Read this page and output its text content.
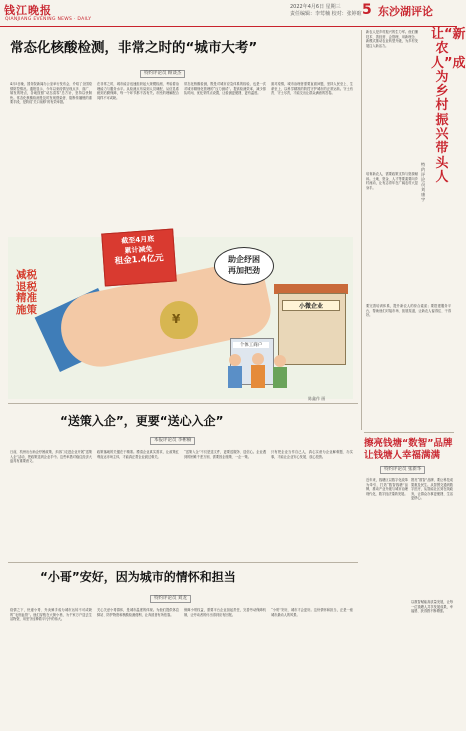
钱江晚报
QIANJIANG EVENING NEWS · DAILY
2022年4月6日 星期三
责任编辑：李莺楠 校对：张婷暄 5 东沙湖评论
常态化核酸检测，非常之时的“城市大考”
特约评论员 顾谈杰
4月5日晚，国务院新闻办公室举行发布会，介绍了全国疫情防控情况。通报显示，今年以来疫情呈现点多、面广、频发的特点，各地按照“动态清零”总方针，坚持以快制快。常态化核酸检测是及时发现感染者、阻断传播链的重要手段，是防疫‘关口前移’的有效举措。
在非常之时，城市能否迅速组织起大规模检测，考验着治理能力与服务水平。从检测点布局到人员调配，从信息系统到后勤保障，每一个环节都不容有失。市民的理解配合同样不可或缺。
常态化核酸检测，既是对城市应急体系的检验，也是一次对城市精细化管理的“压力测试”。提高检测效率，减少排队时间，优化采样点设置，让检测更便捷、更有温度。
面对疫情，城市治理者需要直面问题，坚持人民至上、生命至上，以科学精准的防控守护城市的正常运转。守土有责、守土尽责，才能交出让群众满意的答卷。
减税退税精准施策
截至4月底
累计减免
租金1.4亿元	助企纾困
再加把劲
¥
小微企业
个体工商户
陈鑫作 画
“送策入企”，更要“送心入企”
本报评论员 李彬楠
日前，杭州出台助企纾困政策，多部门走进企业开展“送策入企”活动，把政策送到企业手中。这些举措对稳住经济大盘具有重要意义。
政策落地的关键在于精准。摸清企业真实需求，让政策红利直达市场主体，才能真正帮企业渡过难关。
“送策入企”不仅是送文件，更要送服务、送信心。企业遇到的困难千差万别，需要因企施策、一企一策。
只有把企业当作自己人，真心实意为企业解难题、办实事，才能让企业安心发展、放心投资。
“小哥”安好，因为城市的情怀和担当
特约评论员 刘龙
疫情之下，快递小哥、外卖骑手成为城市运转不可或缺的“毛细血管”。他们穿梭在大街小巷，为千家万户送去生活物资，用坚守诠释着平凡中的伟大。
关心关爱小哥群体，是城市温度的体现。为他们提供休息驿站、防护物资和核酸检测便利，让奔波者有所依靠。
保障小哥权益，需要平台企业担起责任，完善劳动保障机制，让劳动者的付出得到应有回报。
“小哥”安好，城市才会更好。这份情怀和担当，正是一座城市最动人的风景。
让“新农人”成为乡村振兴带头人
特约评论员 刘康宇
新农人是乡村振兴的生力军。他们懂技术、善经营、会管理，用新理念、新模式推动农业转型升级，为乡村发展注入新活力。
培育新农人，需要政策支持与资源倾斜。土地、资金、人才等要素要向乡村流动，让有志青年在广阔农村大显身手。
要完善培训体系，提升新农人的综合素质；要搭建服务平台，帮助他们对接市场、拓展渠道，让新农人留得住、干得好。
擦亮钱塘“数智”品牌 让钱塘人幸福满满
特约评论员 张新华
近年来，钱塘区以数字化改革为牵引，打造“数智钱塘”品牌，推动产业升级与城市治理现代化，数字经济蓬勃发展。
擦亮“数智”品牌，要让科技成果惠及民生。从智慧交通到数字医疗，从智能社区到在线政务，让群众办事更便捷、生活更舒心。
以数智赋能高质量发展，让每一位钱塘人共享发展成果，幸福感、获得感不断增强。
